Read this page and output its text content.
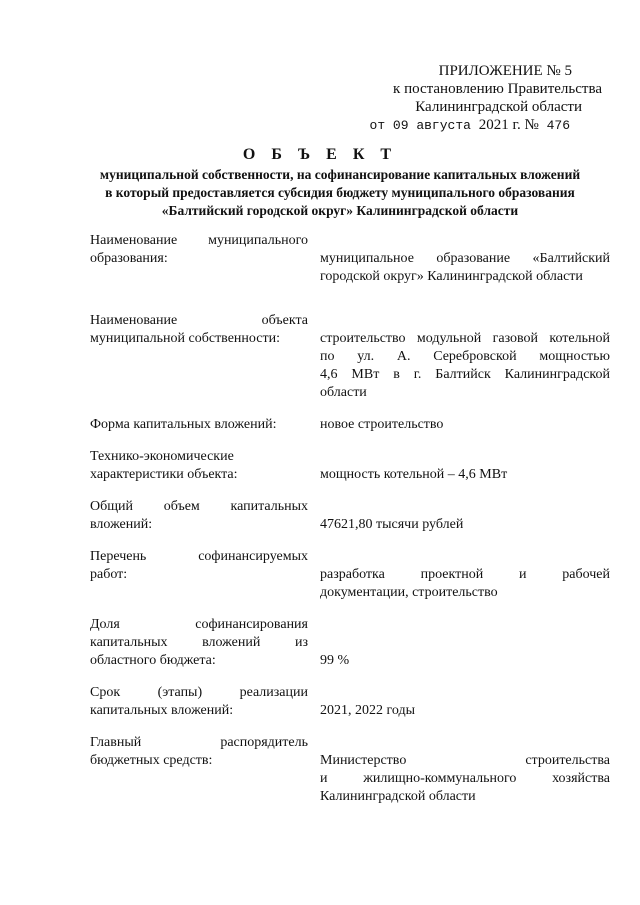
ПРИЛОЖЕНИЕ № 5
к постановлению Правительства
Калининградской области
от 09 августа 2021 г. № 476
О Б Ъ Е К Т
муниципальной собственности, на софинансирование капитальных вложений
в который предоставляется субсидия бюджету муниципального образования
«Балтийский городской округ» Калининградской области
Наименование муниципального
образования:	муниципальное образование «Балтийский
городской округ» Калининградской области
Наименование объекта
муниципальной собственности:	строительство модульной газовой котельной
по ул. А. Серебровской мощностью
4,6 МВт в г. Балтийск Калининградской
области
Форма капитальных вложений:	новое строительство
Технико-экономические
характеристики объекта:	мощность котельной – 4,6 МВт
Общий объем капитальных
вложений:	47621,80 тысячи рублей
Перечень софинансируемых
работ:	разработка проектной и рабочей
документации, строительство
Доля софинансирования
капитальных вложений из
областного бюджета:	99 %
Срок (этапы) реализации
капитальных вложений:	2021, 2022 годы
Главный распорядитель
бюджетных средств:	Министерство строительства
и жилищно-коммунального хозяйства
Калининградской области
